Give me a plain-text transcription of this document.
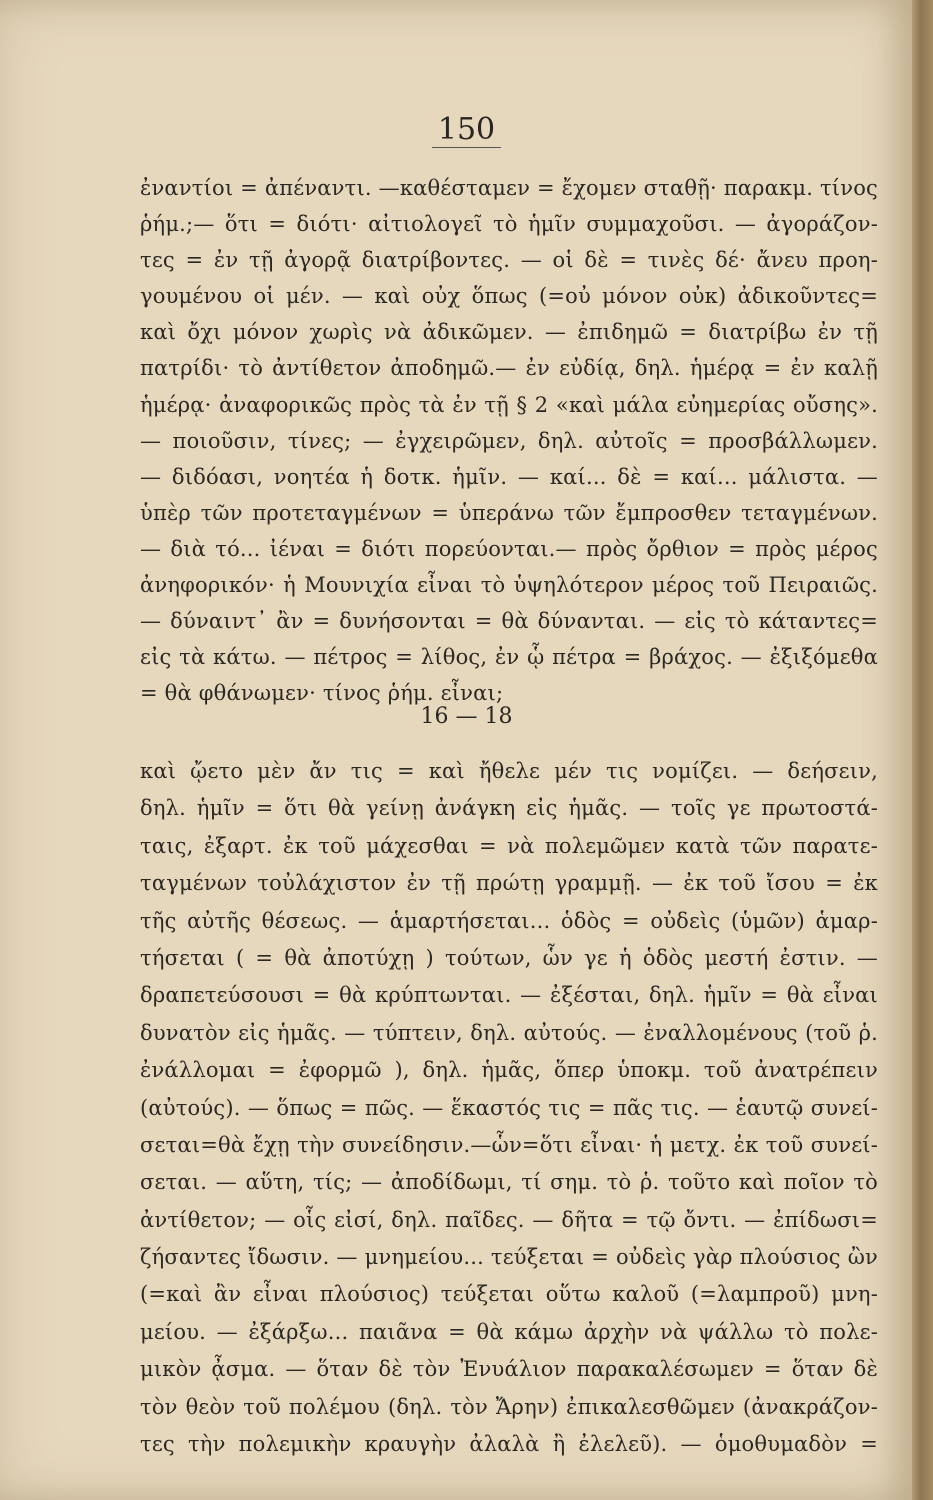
150
ἐναντίοι = ἀπέναντι. —καθέσταμεν = ἔχομεν σταθῇ· παρακμ. τίνος
ῥήμ.;— ὅτι = διότι· αἰτιολογεῖ τὸ ἡμῖν συμμαχοῦσι. — ἀγοράζον-
τες = ἐν τῇ ἀγορᾷ διατρίβοντες. — οἱ δὲ = τινὲς δέ· ἄνευ προη-
γουμένου οἱ μέν. — καὶ οὐχ ὅπως (=οὐ μόνον οὐκ) ἀδικοῦντες=
καὶ ὄχι μόνον χωρὶς νὰ ἀδικῶμεν. — ἐπιδημῶ = διατρίβω ἐν τῇ
πατρίδι· τὸ ἀντίθετον ἀποδημῶ.— ἐν εὐδίᾳ, δηλ. ἡμέρᾳ = ἐν καλῇ
ἡμέρᾳ· ἀναφορικῶς πρὸς τὰ ἐν τῇ § 2 «καὶ μάλα εὐημερίας οὔσης».
— ποιοῦσιν, τίνες; — ἐγχειρῶμεν, δηλ. αὐτοῖς = προσβάλλωμεν.
— διδόασι, νοητέα ἡ δοτκ. ἡμῖν. — καί... δὲ = καί... μάλιστα. —
ὑπὲρ τῶν προτεταγμένων = ὑπεράνω τῶν ἔμπροσθεν τεταγμένων.
— διὰ τό... ἰέναι = διότι πορεύονται.— πρὸς ὄρθιον = πρὸς μέρος
ἀνηφορικόν· ἡ Μουνιχία εἶναι τὸ ὑψηλότερον μέρος τοῦ Πειραιῶς.
— δύναιντ᾿ ἂν = δυνήσονται = θὰ δύνανται. — εἰς τὸ κάταντες=
εἰς τὰ κάτω. — πέτρος = λίθος, ἐν ᾧ πέτρα = βράχος. — ἐξιξόμεθα
= θὰ φθάνωμεν· τίνος ῥήμ. εἶναι;
16 — 18
καὶ ᾤετο μὲν ἄν τις = καὶ ἤθελε μέν τις νομίζει. — δεήσειν,
δηλ. ἡμῖν = ὅτι θὰ γείνῃ ἀνάγκη εἰς ἡμᾶς. — τοῖς γε πρωτοστά-
ταις, ἐξαρτ. ἐκ τοῦ μάχεσθαι = νὰ πολεμῶμεν κατὰ τῶν παρατε-
ταγμένων τοὐλάχιστον ἐν τῇ πρώτῃ γραμμῇ. — ἐκ τοῦ ἴσου = ἐκ
τῆς αὐτῆς θέσεως. — ἁμαρτήσεται... ὁδὸς = οὐδεὶς (ὑμῶν) ἁμαρ-
τήσεται ( = θὰ ἀποτύχῃ ) τούτων, ὧν γε ἡ ὁδὸς μεστή ἐστιν. —
δραπετεύσουσι = θὰ κρύπτωνται. — ἐξέσται, δηλ. ἡμῖν = θὰ εἶναι
δυνατὸν εἰς ἡμᾶς. — τύπτειν, δηλ. αὐτούς. — ἐναλλομένους (τοῦ ῥ.
ἐνάλλομαι = ἐφορμῶ ), δηλ. ἡμᾶς, ὅπερ ὑποκμ. τοῦ ἀνατρέπειν
(αὐτούς). — ὅπως = πῶς. — ἕκαστός τις = πᾶς τις. — ἑαυτῷ συνεί-
σεται=θὰ ἔχῃ τὴν συνείδησιν.—ὧν=ὅτι εἶναι· ἡ μετχ. ἐκ τοῦ συνεί-
σεται. — αὕτη, τίς; — ἀποδίδωμι, τί σημ. τὸ ῥ. τοῦτο καὶ ποῖον τὸ
ἀντίθετον; — οἷς εἰσί, δηλ. παῖδες. — δῆτα = τῷ ὄντι. — ἐπίδωσι=
ζήσαντες ἴδωσιν. — μνημείου... τεύξεται = οὐδεὶς γὰρ πλούσιος ὢν
(=καὶ ἂν εἶναι πλούσιος) τεύξεται οὕτω καλοῦ (=λαμπροῦ) μνη-
μείου. — ἐξάρξω... παιᾶνα = θὰ κάμω ἀρχὴν νὰ ψάλλω τὸ πολε-
μικὸν ᾆσμα. — ὅταν δὲ τὸν Ἐνυάλιον παρακαλέσωμεν = ὅταν δὲ
τὸν θεὸν τοῦ πολέμου (δηλ. τὸν Ἄρην) ἐπικαλεσθῶμεν (ἀνακράζον-
τες τὴν πολεμικὴν κραυγὴν ἀλαλὰ ἢ ἐλελεῦ). — ὁμοθυμαδὸν =
